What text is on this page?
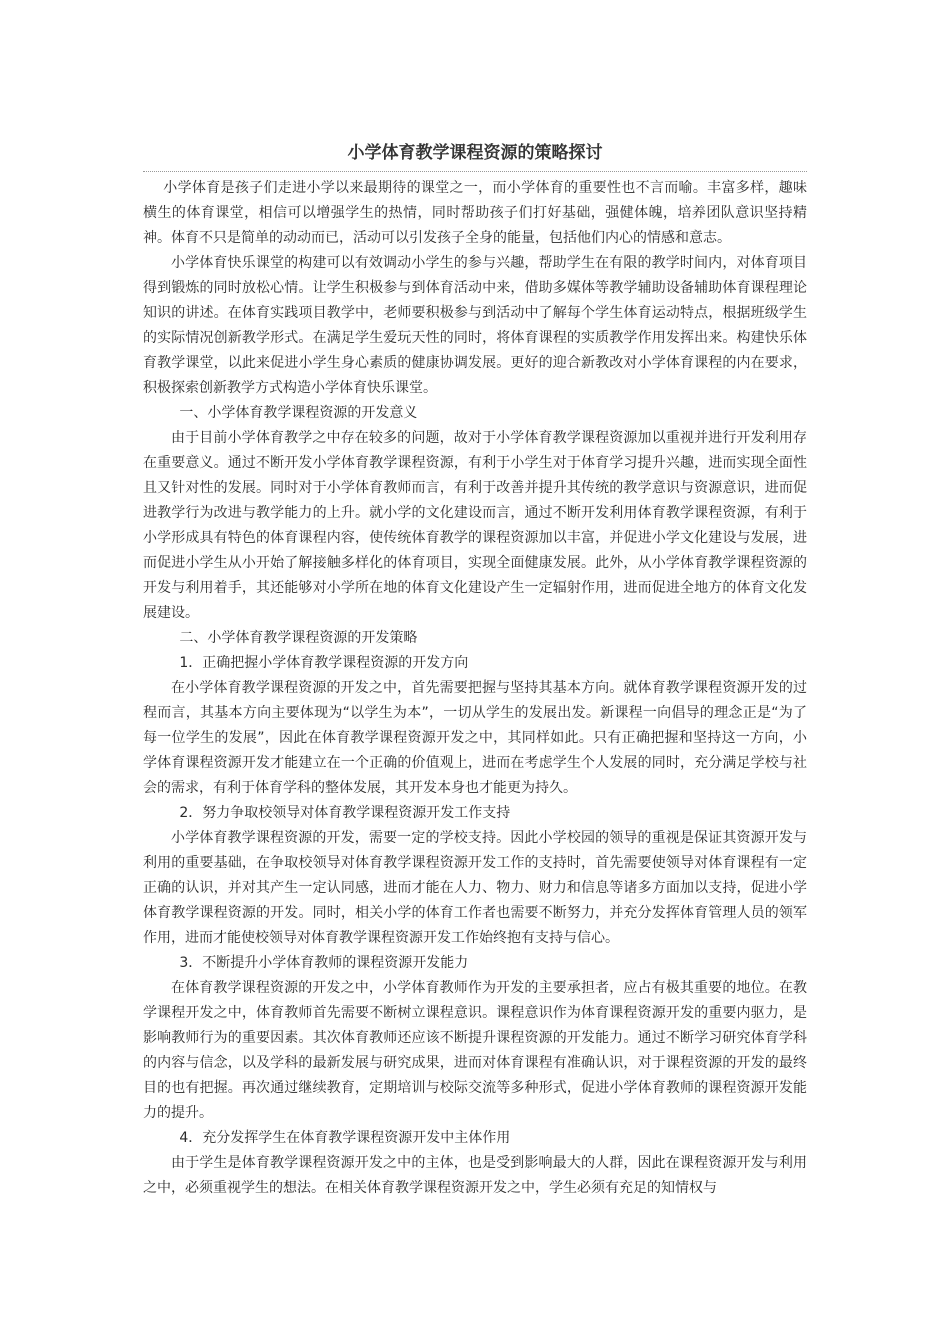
小学体育教学课程资源的策略探讨

小学体育是孩子们走进小学以来最期待的课堂之一，而小学体育的重要性也不言而喻。丰富多样，趣味横生的体育课堂，相信可以增强学生的热情，同时帮助孩子们打好基础，强健体魄，培养团队意识坚持精神。体育不只是简单的动动而已，活动可以引发孩子全身的能量，包括他们内心的情感和意志。

小学体育快乐课堂的构建可以有效调动小学生的参与兴趣，帮助学生在有限的教学时间内，对体育项目得到锻炼的同时放松心情。让学生积极参与到体育活动中来，借助多媒体等教学辅助设备辅助体育课程理论知识的讲述。在体育实践项目教学中，老师要积极参与到活动中了解每个学生体育运动特点，根据班级学生的实际情况创新教学形式。在满足学生爱玩天性的同时，将体育课程的实质教学作用发挥出来。构建快乐体育教学课堂，以此来促进小学生身心素质的健康协调发展。更好的迎合新教改对小学体育课程的内在要求，积极探索创新教学方式构造小学体育快乐课堂。

一、小学体育教学课程资源的开发意义

由于目前小学体育教学之中存在较多的问题，故对于小学体育教学课程资源加以重视并进行开发利用存在重要意义。通过不断开发小学体育教学课程资源，有利于小学生对于体育学习提升兴趣，进而实现全面性且又针对性的发展。同时对于小学体育教师而言，有利于改善并提升其传统的教学意识与资源意识，进而促进教学行为改进与教学能力的上升。就小学的文化建设而言，通过不断开发利用体育教学课程资源，有利于小学形成具有特色的体育课程内容，使传统体育教学的课程资源加以丰富，并促进小学文化建设与发展，进而促进小学生从小开始了解接触多样化的体育项目，实现全面健康发展。此外，从小学体育教学课程资源的开发与利用着手，其还能够对小学所在地的体育文化建设产生一定辐射作用，进而促进全地方的体育文化发展建设。

二、小学体育教学课程资源的开发策略

1．正确把握小学体育教学课程资源的开发方向

在小学体育教学课程资源的开发之中，首先需要把握与坚持其基本方向。就体育教学课程资源开发的过程而言，其基本方向主要体现为“以学生为本”，一切从学生的发展出发。新课程一向倡导的理念正是“为了每一位学生的发展”，因此在体育教学课程资源开发之中，其同样如此。只有正确把握和坚持这一方向，小学体育课程资源开发才能建立在一个正确的价值观上，进而在考虑学生个人发展的同时，充分满足学校与社会的需求，有利于体育学科的整体发展，其开发本身也才能更为持久。

2．努力争取校领导对体育教学课程资源开发工作支持

小学体育教学课程资源的开发，需要一定的学校支持。因此小学校园的领导的重视是保证其资源开发与利用的重要基础，在争取校领导对体育教学课程资源开发工作的支持时，首先需要使领导对体育课程有一定正确的认识，并对其产生一定认同感，进而才能在人力、物力、财力和信息等诸多方面加以支持，促进小学体育教学课程资源的开发。同时，相关小学的体育工作者也需要不断努力，并充分发挥体育管理人员的领军作用，进而才能使校领导对体育教学课程资源开发工作始终抱有支持与信心。

3．不断提升小学体育教师的课程资源开发能力

在体育教学课程资源的开发之中，小学体育教师作为开发的主要承担者，应占有极其重要的地位。在教学课程开发之中，体育教师首先需要不断树立课程意识。课程意识作为体育课程资源开发的重要内驱力，是影响教师行为的重要因素。其次体育教师还应该不断提升课程资源的开发能力。通过不断学习研究体育学科的内容与信念，以及学科的最新发展与研究成果，进而对体育课程有准确认识，对于课程资源的开发的最终目的也有把握。再次通过继续教育，定期培训与校际交流等多种形式，促进小学体育教师的课程资源开发能力的提升。

4．充分发挥学生在体育教学课程资源开发中主体作用

由于学生是体育教学课程资源开发之中的主体，也是受到影响最大的人群，因此在课程资源开发与利用之中，必须重视学生的想法。在相关体育教学课程资源开发之中，学生必须有充足的知情权与
